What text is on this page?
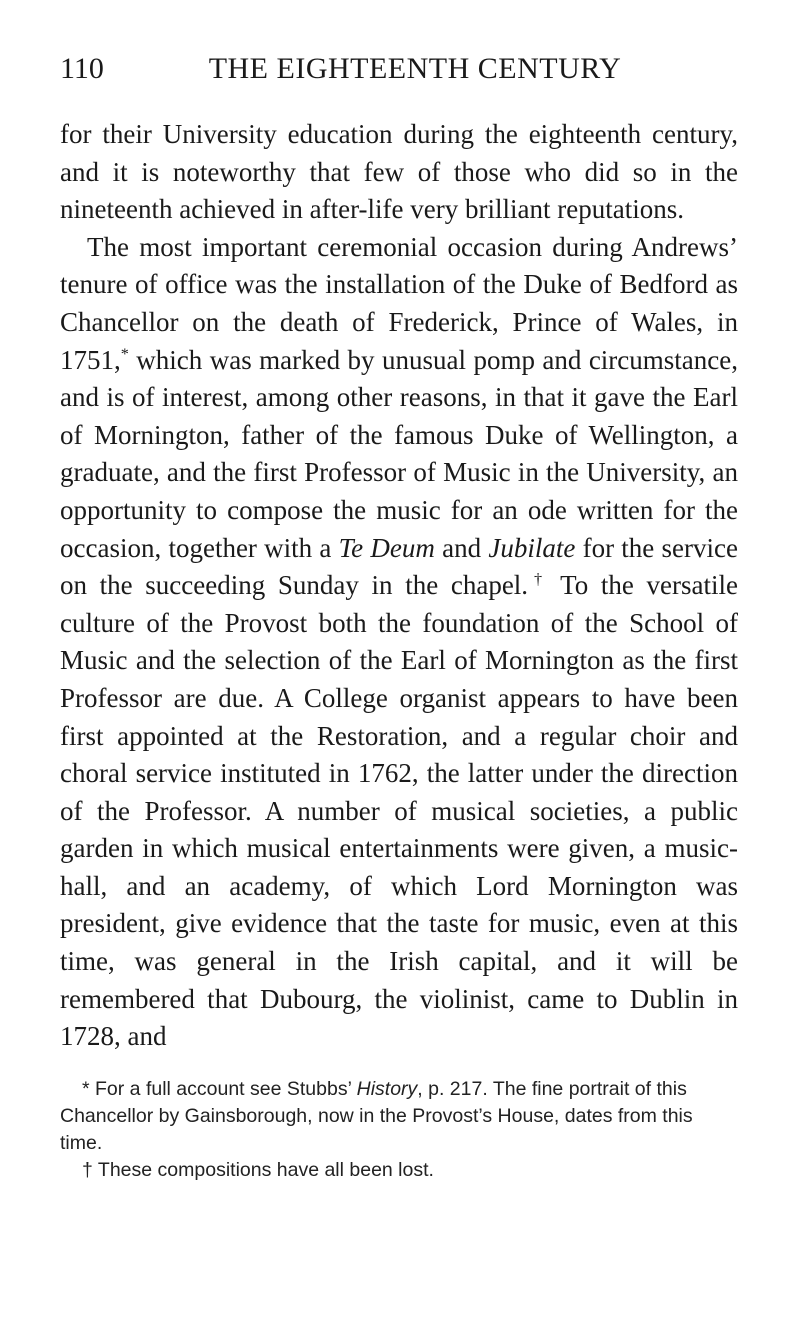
110	THE EIGHTEENTH CENTURY

for their University education during the eighteenth century, and it is noteworthy that few of those who did so in the nineteenth achieved in after-life very brilliant reputations.

The most important ceremonial occasion during Andrews’ tenure of office was the installation of the Duke of Bedford as Chancellor on the death of Frederick, Prince of Wales, in 1751,* which was marked by unusual pomp and circumstance, and is of interest, among other reasons, in that it gave the Earl of Mornington, father of the famous Duke of Wellington, a graduate, and the first Professor of Music in the University, an opportunity to compose the music for an ode written for the occasion, together with a Te Deum and Jubilate for the service on the succeeding Sunday in the chapel.† To the versatile culture of the Provost both the foundation of the School of Music and the selection of the Earl of Mornington as the first Professor are due. A College organist appears to have been first appointed at the Restoration, and a regular choir and choral service instituted in 1762, the latter under the direction of the Professor. A number of musical societies, a public garden in which musical entertainments were given, a music-hall, and an academy, of which Lord Mornington was president, give evidence that the taste for music, even at this time, was general in the Irish capital, and it will be remembered that Dubourg, the violinist, came to Dublin in 1728, and

* For a full account see Stubbs’ History, p. 217. The fine portrait of this Chancellor by Gainsborough, now in the Provost’s House, dates from this time.

† These compositions have all been lost.
